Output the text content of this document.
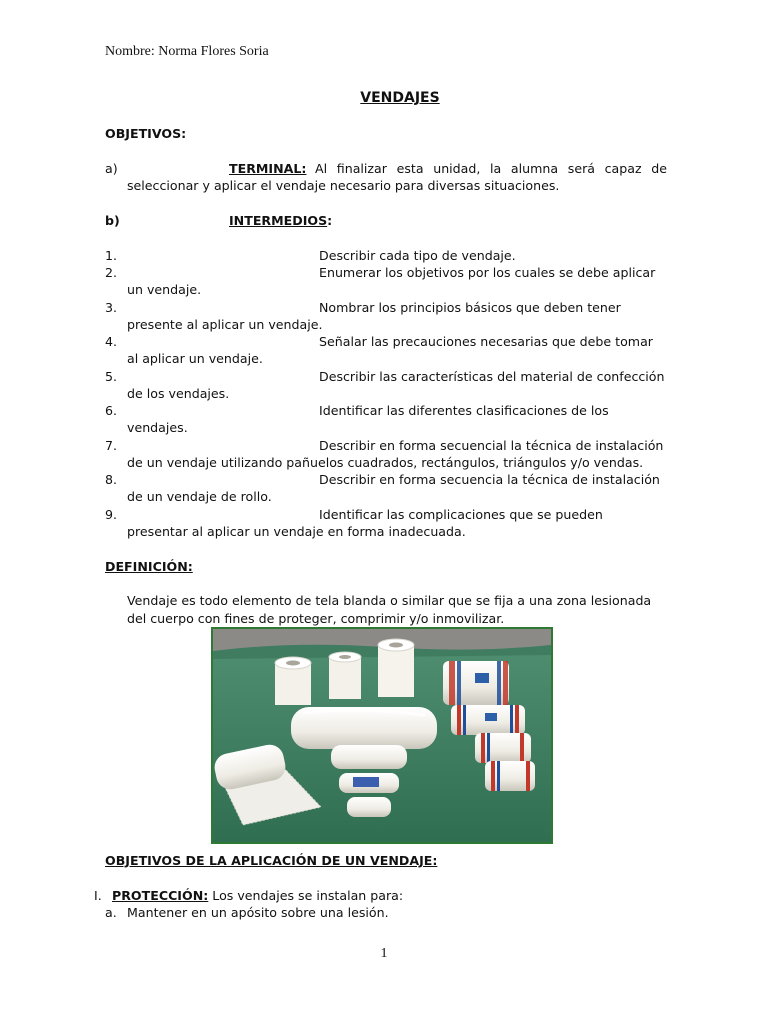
Nombre: Norma Flores Soria
VENDAJES
OBJETIVOS:
a)	TERMINAL: Al finalizar esta unidad, la alumna será capaz de
seleccionar y aplicar el vendaje necesario para diversas situaciones.
b)	INTERMEDIOS:
1.	Describir cada tipo de vendaje.
2.	Enumerar los objetivos por los cuales se debe aplicar
un vendaje.
3.	Nombrar los principios básicos que deben tener
presente al aplicar un vendaje.
4.	Señalar las precauciones necesarias que debe tomar
al aplicar un vendaje.
5.	Describir las características del material de confección
de los vendajes.
6.	Identificar las diferentes clasificaciones de los
vendajes.
7.	Describir en forma secuencial la técnica de instalación
de un vendaje utilizando pañuelos cuadrados, rectángulos, triángulos y/o vendas.
8.	Describir en forma secuencia la técnica de instalación
de un vendaje de rollo.
9.	Identificar las complicaciones que se pueden
presentar al aplicar un vendaje en forma inadecuada.
DEFINICIÓN:
Vendaje es todo elemento de tela blanda o similar que se fija a una zona lesionada
del cuerpo con fines de proteger, comprimir y/o inmovilizar.
OBJETIVOS DE LA APLICACIÓN DE UN VENDAJE:
I. PROTECCIÓN: Los vendajes se instalan para:
a. Mantener en un apósito sobre una lesión.
1
